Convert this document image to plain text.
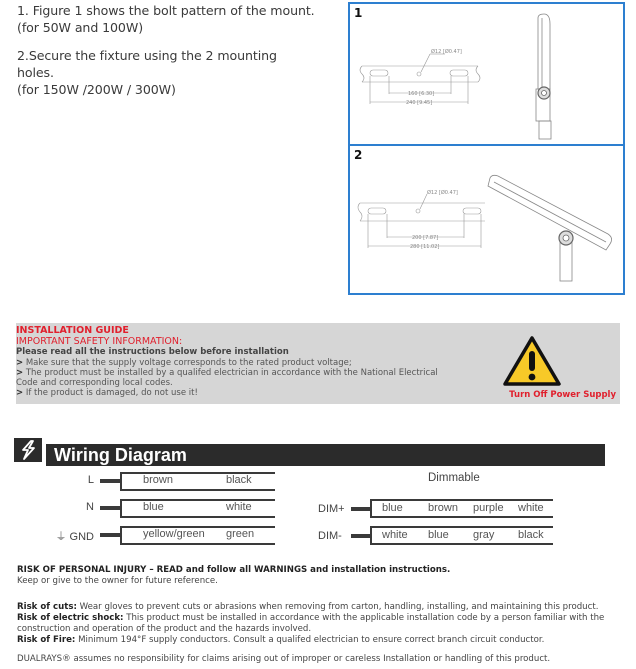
1. Figure 1 shows the bolt pattern of the mount.
(for 50W and 100W)

2.Secure the fixture using the 2 mounting
holes.
(for 150W /200W / 300W)

1
Ø12 [Ø0.47]
160 [6.30]
240 [9.45]
2
Ø12 [Ø0.47]
200 [7.87]
280 [11.02]
INSTALLATION GUIDE
IMPORTANT SAFETY INFORMATION:
Please read all the instructions below before installation
> Make sure that the supply voltage corresponds to the rated product voltage;
> The product must be installed by a qualifed electrician in accordance with the National Electrical Code and corresponding local codes.
> If the product is damaged, do not use it!	Turn Off Power Supply
Wiring Diagram
L	brown	black
N	blue	white
⏚ GND	yellow/green green
Dimmable
DIM+	blue brown purple white
DIM-	white blue gray black

RISK OF PERSONAL INJURY – READ and follow all WARNINGS and installation instructions.

Keep or give to the owner for future reference.

Risk of cuts: Wear gloves to prevent cuts or abrasions when removing from carton, handling, installing, and maintaining this product.

Risk of electric shock: This product must be installed in accordance with the applicable installation code by a person familiar with the construction and operation of the product and the hazards involved.

Risk of Fire: Minimum 194°F supply conductors. Consult a qualifed electrician to ensure correct branch circuit conductor.

DUALRAYS® assumes no responsibility for claims arising out of improper or careless Installation or handling of this product.
